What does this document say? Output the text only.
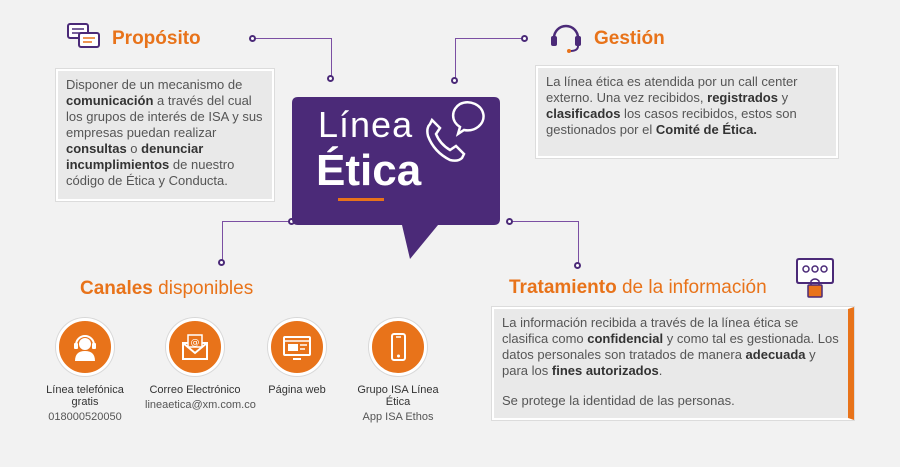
Propósito
Disponer de un mecanismo de comunicación a través del cual los grupos de interés de ISA y sus empresas puedan realizar consultas o denunciar incumplimientos de nuestro código de Ética y Conducta.
Gestión
La línea ética es atendida por un call center externo. Una vez recibidos, registrados y clasificados los casos recibidos, estos son gestionados por el Comité de Ética.
Línea
Ética
Canales disponibles
Línea telefónica gratis
018000520050
@
Correo Electrónico
lineaetica@xm.com.co
Página web	Grupo ISA Línea Ética
App ISA Ethos
Tratamiento de la información
La información recibida a través de la línea ética se clasifica como confidencial y como tal es gestionada. Los datos personales son tratados de manera adecuada y para los fines autorizados.
Se protege la identidad de las personas.
